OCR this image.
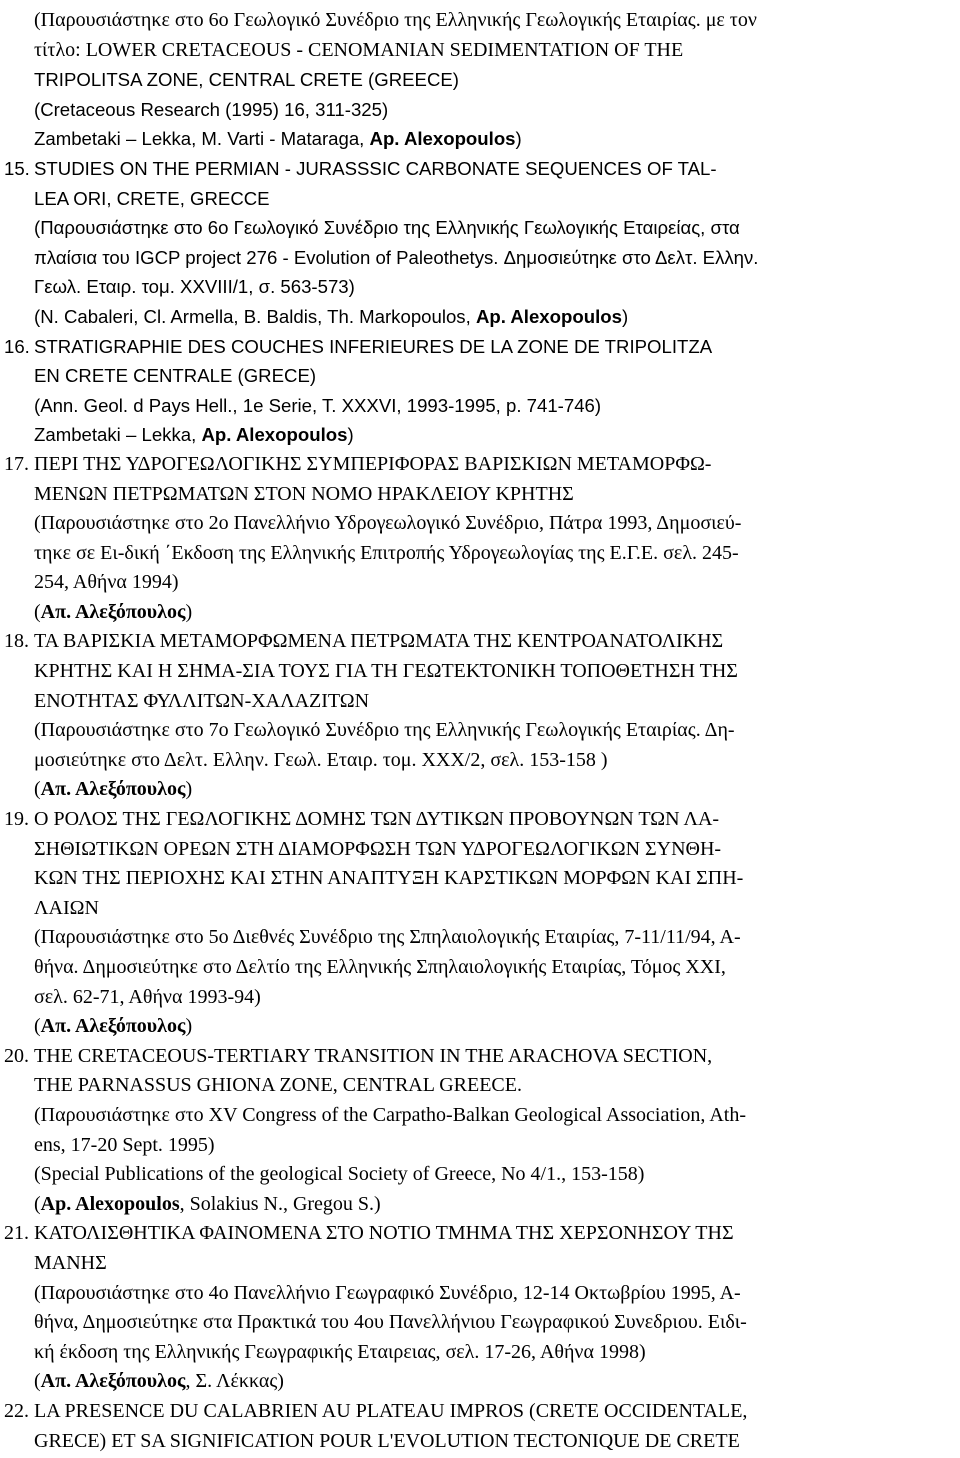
(Παρουσιάστηκε στο 6ο Γεωλογικό Συνέδριο της Ελληνικής Γεωλογικής Εταιρίας. με τον
τίτλο: LOWER CRETACEOUS - CENOMANIAN SEDIMENTATION OF THE
TRIPOLITSA ZONE, CENTRAL CRETE (GREECE)
(Cretaceous Research (1995) 16, 311-325)
Zambetaki – Lekka, M. Varti - Mataraga, Ap. Alexopoulos)
15. STUDIES ON THE PERMIAN - JURASSSIC CARBONATE SEQUENCES OF TAL-
LEA ORI, CRETE, GRECCE
(Παρουσιάστηκε στο 6ο Γεωλογικό Συνέδριο της Ελληνικής Γεωλογικής Εταιρείας, στα
πλαίσια του IGCP project 276 - Evolution of Paleothetys. Δημοσιεύτηκε στο Δελτ. Ελλην.
Γεωλ. Εταιρ. τομ. XXVIII/1, σ. 563-573)
(N. Cabaleri, Cl. Armella, B. Baldis, Th. Markopoulos, Ap. Alexopoulos)
16. STRATIGRAPHIE DES COUCHES INFERIEURES DE LA ZONE DE TRIPOLITZA
EN CRETE CENTRALE (GRECE)
(Ann. Geol. d Pays Hell., 1e Serie, T. XXXVI, 1993-1995, p. 741-746)
Zambetaki – Lekka, Ap. Alexopoulos)
17. ΠΕΡΙ ΤΗΣ ΥΔΡΟΓΕΩΛΟΓΙΚΗΣ ΣΥΜΠΕΡΙΦΟΡΑΣ ΒΑΡΙΣΚΙΩΝ ΜΕΤΑΜΟΡΦΩ-
ΜΕΝΩΝ ΠΕΤΡΩΜΑΤΩΝ ΣΤΟΝ ΝΟΜΟ ΗΡΑΚΛΕΙΟΥ ΚΡΗΤΗΣ
(Παρουσιάστηκε στο 2ο Πανελλήνιο Υδρογεωλογικό Συνέδριο, Πάτρα 1993, Δημοσιεύ-
τηκε σε Ει-δική ΄Εκδοση της Ελληνικής Επιτροπής Υδρογεωλογίας της Ε.Γ.Ε. σελ. 245-
254, Αθήνα 1994)
(Απ. Αλεξόπουλος)
18. ΤΑ ΒΑΡΙΣΚΙΑ ΜΕΤΑΜΟΡΦΩΜΕΝΑ ΠΕΤΡΩΜΑΤΑ ΤΗΣ ΚΕΝΤΡΟΑΝΑΤΟΛΙΚΗΣ
ΚΡΗΤΗΣ ΚΑΙ Η ΣΗΜΑ-ΣΙΑ ΤΟΥΣ ΓΙΑ ΤΗ ΓΕΩΤΕΚΤΟΝΙΚΗ ΤΟΠΟΘΕΤΗΣΗ ΤΗΣ
ΕΝΟΤΗΤΑΣ ΦΥΛΛΙΤΩΝ-ΧΑΛΑΖΙΤΩΝ
(Παρουσιάστηκε στο 7ο Γεωλογικό Συνέδριο της Ελληνικής Γεωλογικής Εταιρίας. Δη-
μοσιεύτηκε στο Δελτ. Ελλην. Γεωλ. Εταιρ. τομ. XXX/2, σελ. 153-158 )
(Απ. Αλεξόπουλος)
19. Ο ΡΟΛΟΣ ΤΗΣ ΓΕΩΛΟΓΙΚΗΣ ΔΟΜΗΣ ΤΩΝ ΔΥΤΙΚΩΝ ΠΡΟΒΟΥΝΩΝ ΤΩΝ ΛΑ-
ΣΗΘΙΩΤΙΚΩΝ ΟΡΕΩΝ ΣΤΗ ΔΙΑΜΟΡΦΩΣΗ ΤΩΝ ΥΔΡΟΓΕΩΛΟΓΙΚΩΝ ΣΥΝΘΗ-
ΚΩΝ ΤΗΣ ΠΕΡΙΟΧΗΣ ΚΑΙ ΣΤΗΝ ΑΝΑΠΤΥΞΗ ΚΑΡΣΤΙΚΩΝ ΜΟΡΦΩΝ ΚΑΙ ΣΠΗ-
ΛΑΙΩΝ
(Παρουσιάστηκε στο 5ο Διεθνές Συνέδριο της Σπηλαιολογικής Εταιρίας, 7-11/11/94, Α-
θήνα. Δημοσιεύτηκε στο Δελτίο της Ελληνικής Σπηλαιολογικής Εταιρίας, Τόμος XXI,
σελ. 62-71, Αθήνα 1993-94)
(Απ. Αλεξόπουλος)
20. THE CRETACEOUS-TERTIARY TRANSITION IN THE ARACHOVA SECTION,
THE PARNASSUS GHIONA ZONE, CENTRAL GREECE.
(Παρουσιάστηκε στο XV Congress of the Carpatho-Balkan Geological Association, Ath-
ens, 17-20 Sept. 1995)
(Special Publications of the geological Society of Greece, No 4/1., 153-158)
(Ap. Alexopoulos, Solakius N., Gregou S.)
21. ΚΑΤΟΛΙΣΘΗΤΙΚΑ ΦΑΙΝΟΜΕΝΑ ΣΤΟ ΝΟΤΙΟ ΤΜΗΜΑ ΤΗΣ ΧΕΡΣΟΝΗΣΟΥ ΤΗΣ
ΜΑΝΗΣ
(Παρουσιάστηκε στο 4ο Πανελλήνιο Γεωγραφικό Συνέδριο, 12-14 Οκτωβρίου 1995, Α-
θήνα, Δημοσιεύτηκε στα Πρακτικά του 4ου Πανελλήνιου Γεωγραφικού Συνεδριου. Ειδι-
κή έκδοση της Ελληνικής Γεωγραφικής Εταιρειας, σελ. 17-26, Αθήνα 1998)
(Απ. Αλεξόπουλος, Σ. Λέκκας)
22. LA PRESENCE DU CALABRIEN AU PLATEAU IMPROS (CRETE OCCIDENTALE,
GRECE) ET SA SIGNIFICATION POUR L'EVOLUTION TECTONIQUE DE CRETE
